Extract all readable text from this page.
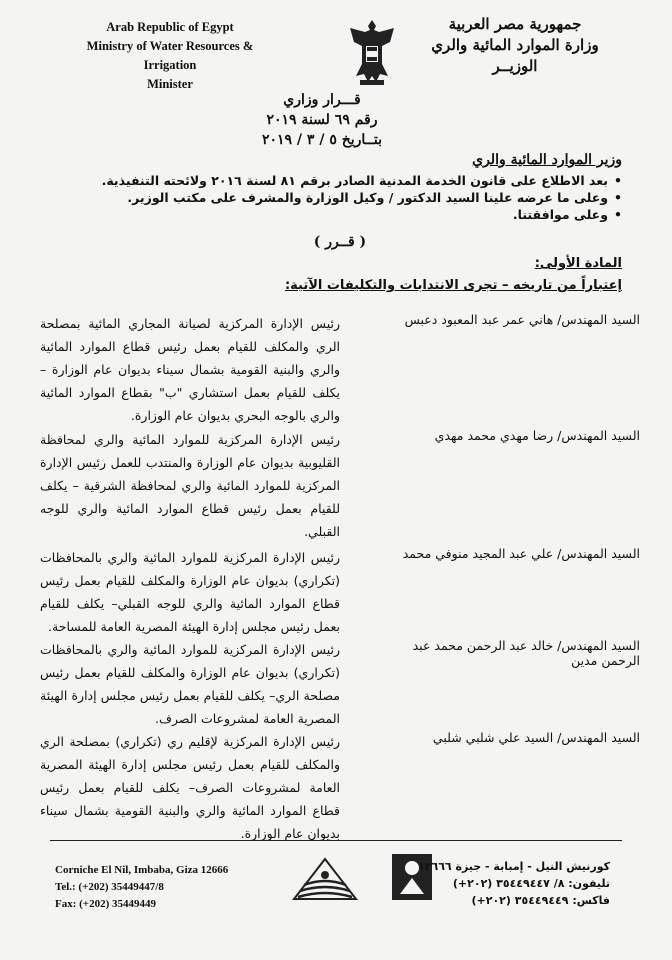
Arab Republic of Egypt
Ministry of Water Resources & Irrigation
Minister
جمهورية مصر العربية
وزارة الموارد المائية والري
الوزيــر
قـــرار وزاري
رقم ٦٩ لسنة ٢٠١٩
بتــاريخ ٥ / ٣ / ٢٠١٩
وزير الموارد المائية والري
• بعد الاطلاع على قانون الخدمة المدنية الصادر برقم ٨١ لسنة ٢٠١٦ ولائحته التنفيذية.
• وعلى ما عرضه علينا السيد الدكتور / وكيل الوزارة والمشرف على مكتب الوزير.
• وعلى موافقتنا.
( قــرر )
المادة الأولى:
إعتباراً من تاريخه – تجرى الانتدابات والتكليفات الآتية:
السيد المهندس/ هاني عمر عبد المعبود دعبس
رئيس الإدارة المركزية لصيانة المجاري المائية بمصلحة الري والمكلف للقيام بعمل رئيس قطاع الموارد المائية والري والبنية القومية بشمال سيناء بديوان عام الوزارة – يكلف للقيام بعمل استشاري "ب" بقطاع الموارد المائية والري بالوجه البحري بديوان عام الوزارة.
السيد المهندس/ رضا مهدي محمد مهدي
رئيس الإدارة المركزية للموارد المائية والري لمحافظة القليوبية بديوان عام الوزارة والمنتدب للعمل رئيس الإدارة المركزية للموارد المائية والري لمحافظة الشرقية – يكلف للقيام بعمل رئيس قطاع الموارد المائية والري للوجه القبلي.
السيد المهندس/ علي عبد المجيد منوفي محمد
رئيس الإدارة المركزية للموارد المائية والري بالمحافظات (تكراري) بديوان عام الوزارة والمكلف للقيام بعمل رئيس قطاع الموارد المائية والري للوجه القبلي– يكلف للقيام بعمل رئيس مجلس إدارة الهيئة المصرية العامة للمساحة.
السيد المهندس/ خالد عبد الرحمن محمد عبد الرحمن مدين
رئيس الإدارة المركزية للموارد المائية والري بالمحافظات (تكراري) بديوان عام الوزارة والمكلف للقيام بعمل رئيس مصلحة الري– يكلف للقيام بعمل رئيس مجلس إدارة الهيئة المصرية العامة لمشروعات الصرف.
السيد المهندس/ السيد علي شلبي شلبي
رئيس الإدارة المركزية لإقليم ري (تكراري) بمصلحة الري والمكلف للقيام بعمل رئيس مجلس إدارة الهيئة المصرية العامة لمشروعات الصرف– يكلف للقيام بعمل رئيس قطاع الموارد المائية والري والبنية القومية بشمال سيناء بديوان عام الوزارة.
Corniche El Nil, Imbaba, Giza 12666
Tel.: (+202) 35449447/8
Fax: (+202) 35449449
كورنيش النيل - إمبابة - جيزة ١٢٦٦٦
تليفون: ٨/ ٣٥٤٤٩٤٤٧ (٢٠٢+)
فاكس: ٣٥٤٤٩٤٤٩ (٢٠٢+)
